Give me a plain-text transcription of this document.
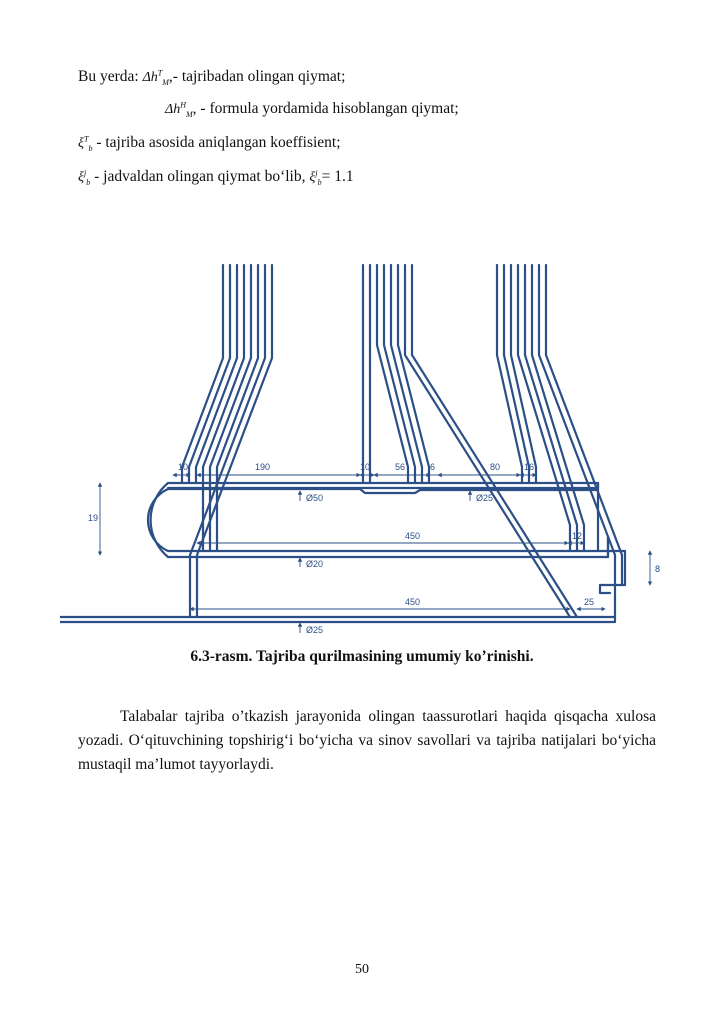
Bu yerda: $\Delta h^T_M,-$ tajribadan olingan qiymat;
$\Delta h^H_M$, - formula yordamida hisoblangan qiymat;
$\xi^T_b$ - tajriba asosida aniqlangan koeffisient;
$\xi^j_b$ - jadvaldan olingan qiymat bo‘lib, $\xi^j_b= 1.1$
10	190	10	56	6	80	16
19
450	12
8
450	25
Ø50	Ø25
Ø20
Ø25
6.3-rasm. Tajriba qurilmasining umumiy ko’rinishi.
Talabalar tajriba o’tkazish jarayonida olingan taassurotlari haqida qisqacha xulosa yozadi. O‘qituvchining topshirig‘i bo‘yicha va sinov savollari va tajriba natijalari bo‘yicha mustaqil ma’lumot tayyorlaydi.
50
